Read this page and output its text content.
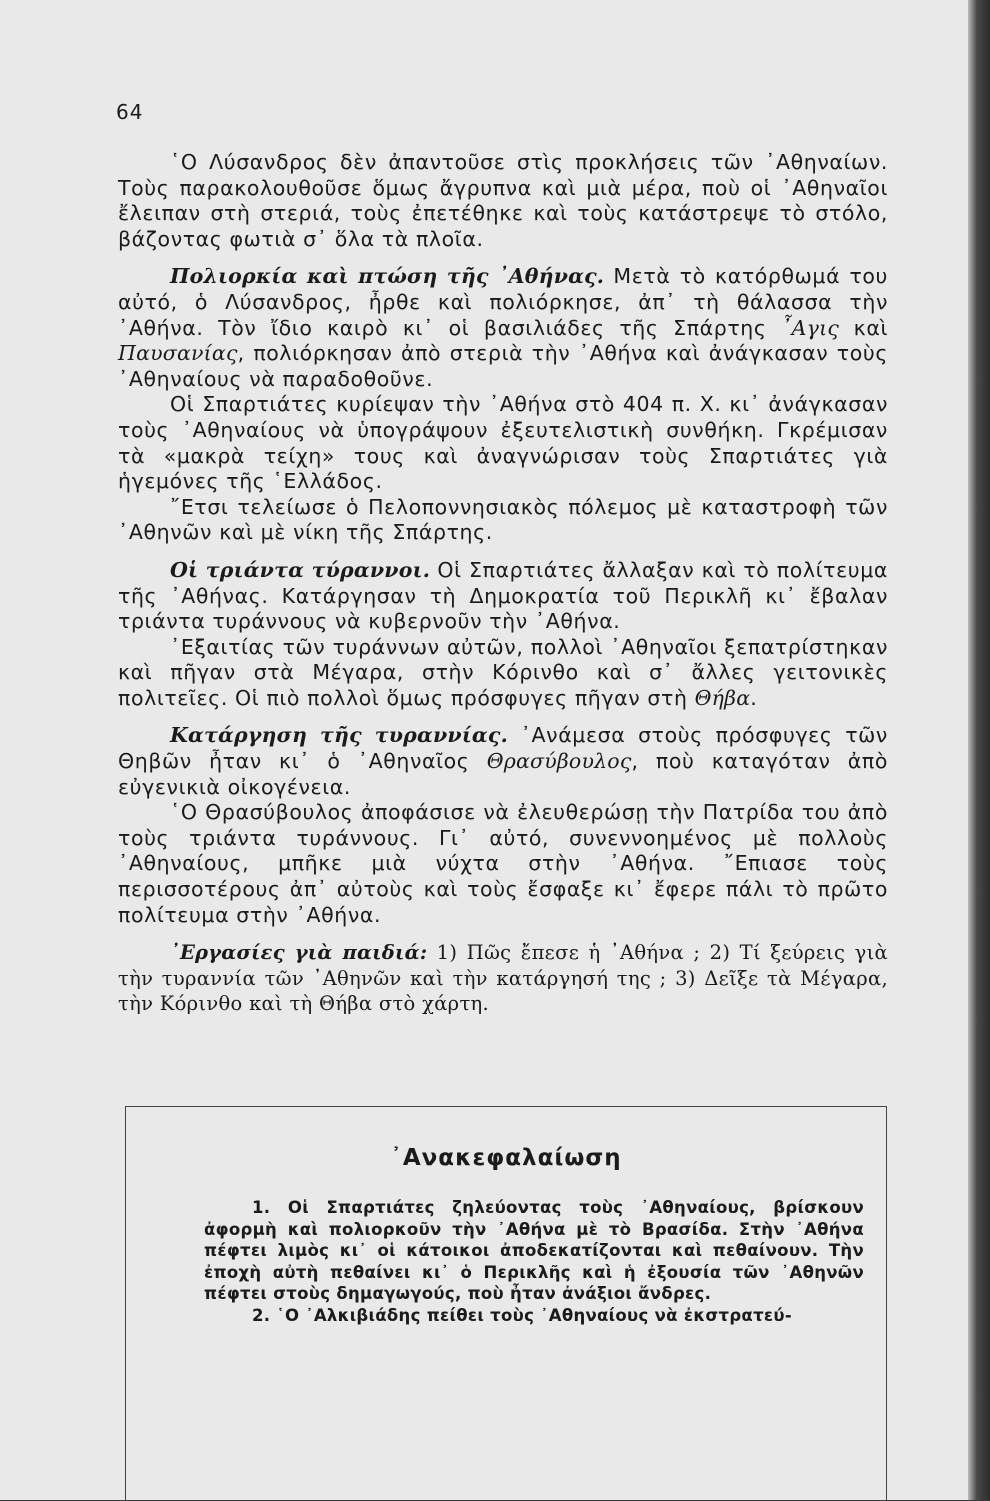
64

῾Ο Λύσανδρος δὲν ἀπαντοῦσε στὶς προκλήσεις τῶν ᾿Αθηναίων. Τοὺς παρακολουθοῦσε ὅμως ἄγρυπνα καὶ μιὰ μέρα, ποὺ οἱ ᾿Αθηναῖοι ἔλειπαν στὴ στεριά, τοὺς ἐπετέθηκε καὶ τοὺς κατάστρεψε τὸ στόλο, βάζοντας φωτιὰ σ᾿ ὅλα τὰ πλοῖα.

Πολιορκία καὶ πτώση τῆς ᾿Αθήνας. Μετὰ τὸ κατόρθωμά του αὐτό, ὁ Λύσανδρος, ἦρθε καὶ πολιόρκησε, ἀπ᾿ τὴ θάλασσα τὴν ᾿Αθήνα. Τὸν ἴδιο καιρὸ κι᾿ οἱ βασιλιάδες τῆς Σπάρτης ῏Αγις καὶ Παυσανίας, πολιόρκησαν ἀπὸ στεριὰ τὴν ᾿Αθήνα καὶ ἀνάγκασαν τοὺς ᾿Αθηναίους νὰ παραδοθοῦνε.

Οἱ Σπαρτιάτες κυρίεψαν τὴν ᾿Αθήνα στὸ 404 π. Χ. κι᾿ ἀνάγκασαν τοὺς ᾿Αθηναίους νὰ ὑπογράψουν ἐξευτελιστικὴ συνθήκη. Γκρέμισαν τὰ «μακρὰ τείχη» τους καὶ ἀναγνώρισαν τοὺς Σπαρτιάτες γιὰ ἡγεμόνες τῆς ῾Ελλάδος.

῎Ετσι τελείωσε ὁ Πελοποννησιακὸς πόλεμος μὲ καταστροφὴ τῶν ᾿Αθηνῶν καὶ μὲ νίκη τῆς Σπάρτης.

Οἱ τριάντα τύραννοι. Οἱ Σπαρτιάτες ἄλλαξαν καὶ τὸ πολίτευμα τῆς ᾿Αθήνας. Κατάργησαν τὴ Δημοκρατία τοῦ Περικλῆ κι᾿ ἔβαλαν τριάντα τυράννους νὰ κυβερνοῦν τὴν ᾿Αθήνα.

᾿Εξαιτίας τῶν τυράννων αὐτῶν, πολλοὶ ᾿Αθηναῖοι ξεπατρίστηκαν καὶ πῆγαν στὰ Μέγαρα, στὴν Κόρινθο καὶ σ᾿ ἄλλες γειτονικὲς πολιτεῖες. Οἱ πιὸ πολλοὶ ὅμως πρόσφυγες πῆγαν στὴ Θήβα.

Κατάργηση τῆς τυραννίας. ᾿Ανάμεσα στοὺς πρόσφυγες τῶν Θηβῶν ἦταν κι᾿ ὁ ᾿Αθηναῖος Θρασύβουλος, ποὺ καταγόταν ἀπὸ εὐγενικιὰ οἰκογένεια.

῾Ο Θρασύβουλος ἀποφάσισε νὰ ἐλευθερώσῃ τὴν Πατρίδα του ἀπὸ τοὺς τριάντα τυράννους. Γι᾿ αὐτό, συνεννοημένος μὲ πολλοὺς ᾿Αθηναίους, μπῆκε μιὰ νύχτα στὴν ᾿Αθήνα. ῎Επιασε τοὺς περισσοτέρους ἀπ᾿ αὐτοὺς καὶ τοὺς ἔσφαξε κι᾿ ἔφερε πάλι τὸ πρῶτο πολίτευμα στὴν ᾿Αθήνα.

᾿Εργασίες γιὰ παιδιά: 1) Πῶς ἔπεσε ἡ ᾿Αθήνα ; 2) Τί ξεύρεις γιὰ τὴν τυραννία τῶν ᾿Αθηνῶν καὶ τὴν κατάργησή της ; 3) Δεῖξε τὰ Μέγαρα, τὴν Κόρινθο καὶ τὴ Θήβα στὸ χάρτη.

᾿Ανακεφαλαίωση

1. Οἱ Σπαρτιάτες ζηλεύοντας τοὺς ᾿Αθηναίους, βρίσκουν ἀφορμὴ καὶ πολιορκοῦν τὴν ᾿Αθήνα μὲ τὸ Βρασίδα. Στὴν ᾿Αθήνα πέφτει λιμὸς κι᾿ οἱ κάτοικοι ἀποδεκατίζονται καὶ πεθαίνουν. Τὴν ἐποχὴ αὐτὴ πεθαίνει κι᾿ ὁ Περικλῆς καὶ ἡ ἐξουσία τῶν ᾿Αθηνῶν πέφτει στοὺς δημαγωγούς, ποὺ ἦταν ἀνάξιοι ἄνδρες.

2. ῾Ο ᾿Αλκιβιάδης πείθει τοὺς ᾿Αθηναίους νὰ ἐκστρατεύ-
